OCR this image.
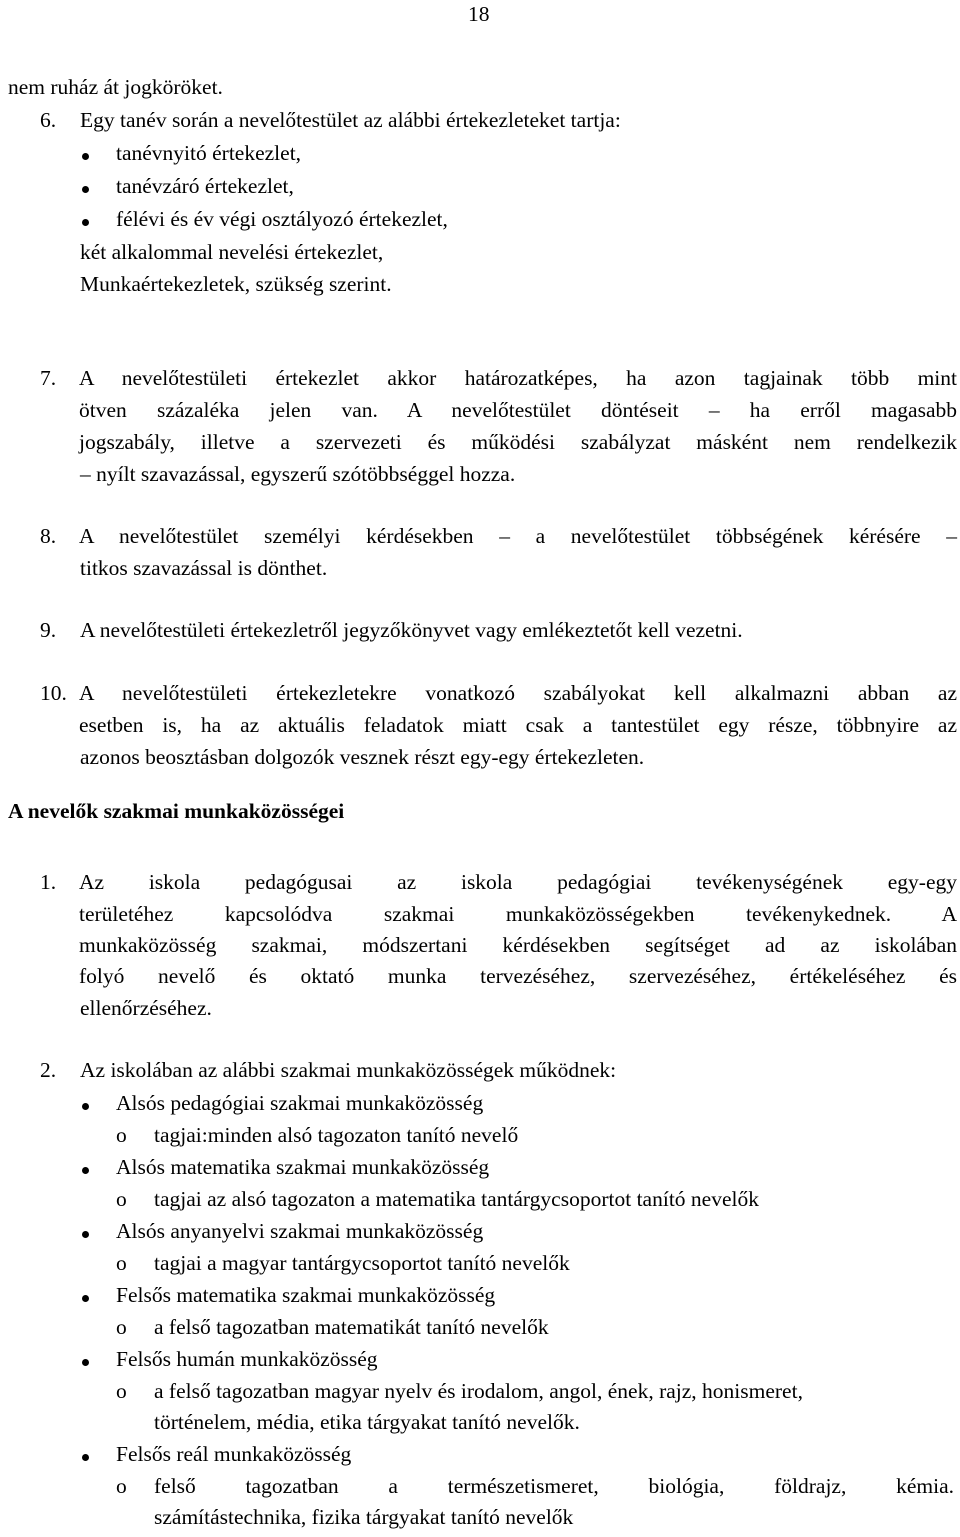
18
nem ruház át jogköröket.
6. Egy tanév során a nevelőtestület az alábbi értekezleteket tartja:
tanévnyitó értekezlet,
tanévzáró értekezlet,
félévi és év végi osztályozó értekezlet,
két alkalommal nevelési értekezlet,
Munkaértekezletek, szükség szerint.
7. A nevelőtestületi értekezlet akkor határozatképes, ha azon tagjainak több mint
ötven százaléka jelen van. A nevelőtestület döntéseit – ha erről magasabb
jogszabály, illetve a szervezeti és működési szabályzat másként nem rendelkezik
– nyílt szavazással, egyszerű szótöbbséggel hozza.
8. A nevelőtestület személyi kérdésekben – a nevelőtestület többségének kérésére –
titkos szavazással is dönthet.
9. A nevelőtestületi értekezletről jegyzőkönyvet vagy emlékeztetőt kell vezetni.
10. A nevelőtestületi értekezletekre vonatkozó szabályokat kell alkalmazni abban az
esetben is, ha az aktuális feladatok miatt csak a tantestület egy része, többnyire az
azonos beosztásban dolgozók vesznek részt egy-egy értekezleten.
A nevelők szakmai munkaközösségei
1. Az iskola pedagógusai az iskola pedagógiai tevékenységének egy-egy
területéhez kapcsolódva szakmai munkaközösségekben tevékenykednek. A
munkaközösség szakmai, módszertani kérdésekben segítséget ad az iskolában
folyó nevelő és oktató munka tervezéséhez, szervezéséhez, értékeléséhez és
ellenőrzéséhez.
2. Az iskolában az alábbi szakmai munkaközösségek működnek:
Alsós pedagógiai szakmai munkaközösség
o tagjai:minden alsó tagozaton tanító nevelő
Alsós matematika szakmai munkaközösség
o tagjai az alsó tagozaton a matematika tantárgycsoportot tanító nevelők
Alsós anyanyelvi szakmai munkaközösség
o tagjai a magyar tantárgycsoportot tanító nevelők
Felsős matematika szakmai munkaközösség
o a felső tagozatban matematikát tanító nevelők
Felsős humán munkaközösség
o a felső tagozatban magyar nyelv és irodalom, angol, ének, rajz, honismeret,
történelem, média, etika tárgyakat tanító nevelők.
Felsős reál munkaközösség
o felső tagozatban a természetismeret, biológia, földrajz, kémia.
számítástechnika, fizika tárgyakat tanító nevelők
